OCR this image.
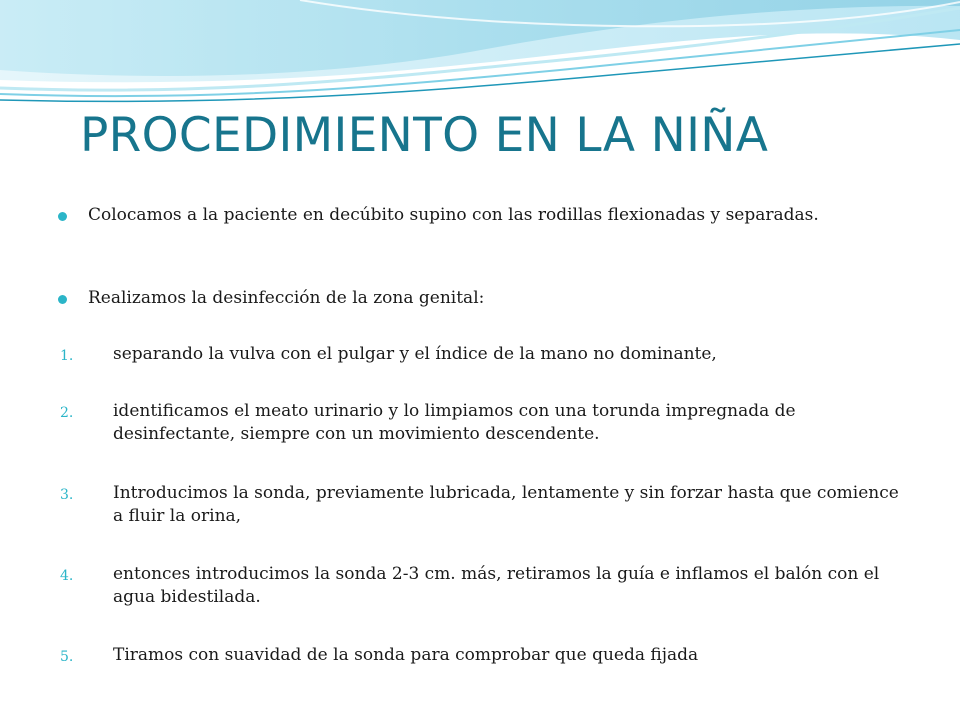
PROCEDIMIENTO EN LA NIÑA
Colocamos a la paciente en decúbito supino con las rodillas flexionadas y separadas.
Realizamos la desinfección de la zona genital:
1. separando la vulva con el pulgar y el índice de la mano no dominante,
2. identificamos el meato urinario y lo limpiamos con una torunda impregnada de desinfectante, siempre con un movimiento descendente.
3. Introducimos la sonda, previamente lubricada, lentamente y sin forzar hasta que comience a fluir la orina,
4. entonces introducimos la sonda 2-3 cm. más, retiramos la guía e inflamos el balón con el agua bidestilada.
5. Tiramos con suavidad de la sonda para comprobar que queda fijada
